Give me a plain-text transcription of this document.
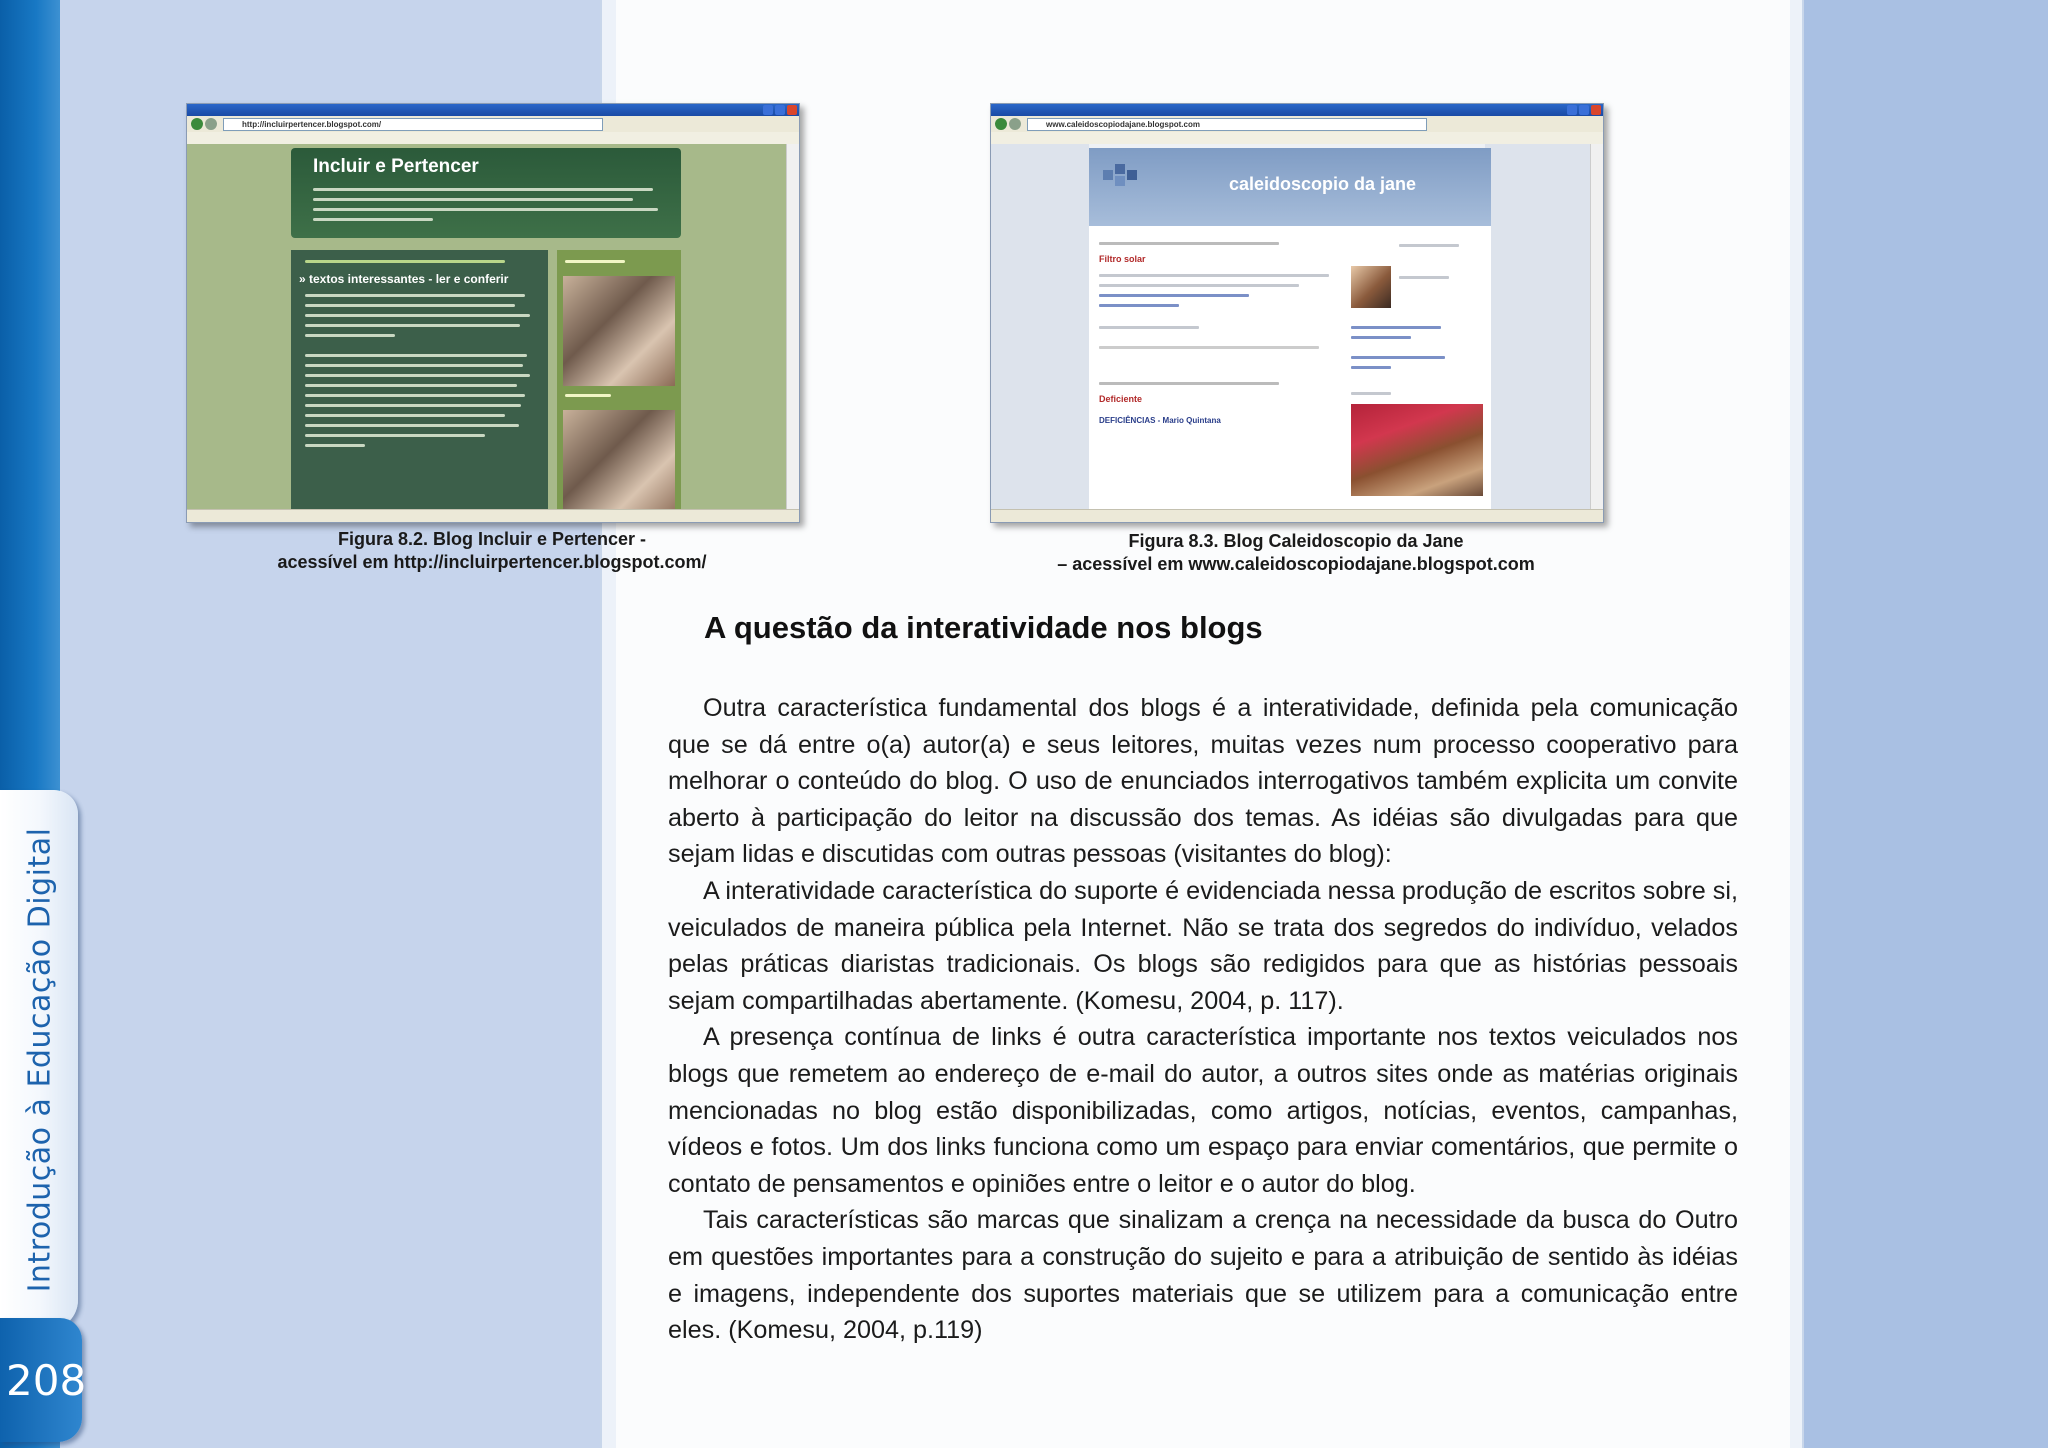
Introdução à Educação Digital
208
http://incluirpertencer.blogspot.com/
Incluir e Pertencer
» textos interessantes - ler e conferir
www.caleidoscopiodajane.blogspot.com
caleidoscopio da jane
Filtro solar
Deficiente
DEFICIÊNCIAS - Mario Quintana
Figura 8.2. Blog Incluir e Pertencer -
acessível em http://incluirpertencer.blogspot.com/
Figura 8.3. Blog Caleidoscopio da Jane
– acessível em www.caleidoscopiodajane.blogspot.com
A questão da interatividade nos blogs

Outra característica fundamental dos blogs é a interatividade, definida pela comunicação que se dá entre o(a) autor(a) e seus leitores, muitas vezes num processo cooperativo para melhorar o conteúdo do blog. O uso de enunciados interrogativos também explicita um convite aberto à participação do leitor na discussão dos temas. As idéias são divulgadas para que sejam lidas e discutidas com outras pessoas (visitantes do blog):

A interatividade característica do suporte é evidenciada nessa produção de escritos sobre si, veiculados de maneira pública pela Internet. Não se trata dos segredos do indivíduo, velados pelas práticas diaristas tradicionais. Os blogs são redigidos para que as histórias pessoais sejam compartilhadas abertamente. (Komesu, 2004, p. 117).

A presença contínua de links é outra característica importante nos textos veiculados nos blogs que remetem ao endereço de e-mail do autor, a outros sites onde as matérias originais mencionadas no blog estão disponibilizadas, como artigos, notícias, eventos, campanhas, vídeos e fotos. Um dos links funciona como um espaço para enviar comentários, que permite o contato de pensamentos e opiniões entre o leitor e o autor do blog.

Tais características são marcas que sinalizam a crença na necessidade da busca do Outro em questões importantes para a construção do sujeito e para a atribuição de sentido às idéias e imagens, independente dos suportes materiais que se utilizem para a comunicação entre eles. (Komesu, 2004, p.119)
